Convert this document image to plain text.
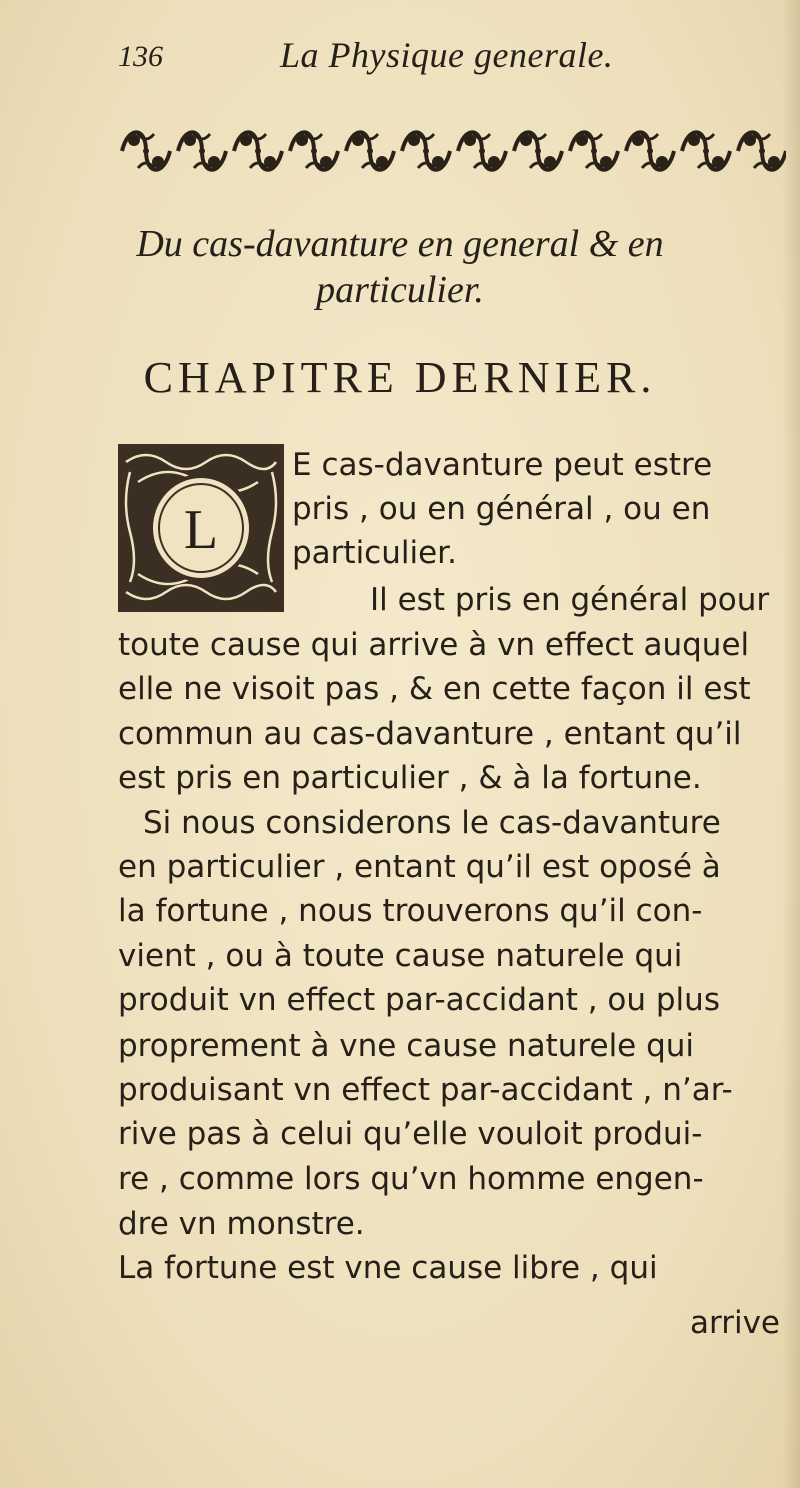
136	La Physique generale.
Du cas-davanture en general & en
particulier.
CHAPITRE DERNIER.
L
E cas-davanture peut estre
pris , ou en général , ou en
particulier.
Il est pris en général pour
toute cause qui arrive à vn effect auquel
elle ne visoit pas , & en cette façon il est
commun au cas-davanture , entant qu’il
est pris en particulier , & à la fortune.
Si nous considerons le cas-davanture
en particulier , entant qu’il est oposé à
la fortune , nous trouverons qu’il con-
vient , ou à toute cause naturele qui
produit vn effect par-accidant , ou plus
proprement à vne cause naturele qui
produisant vn effect par-accidant , n’ar-
rive pas à celui qu’elle vouloit produi-
re , comme lors qu’vn homme engen-
dre vn monstre.
La fortune est vne cause libre , qui
arrive
